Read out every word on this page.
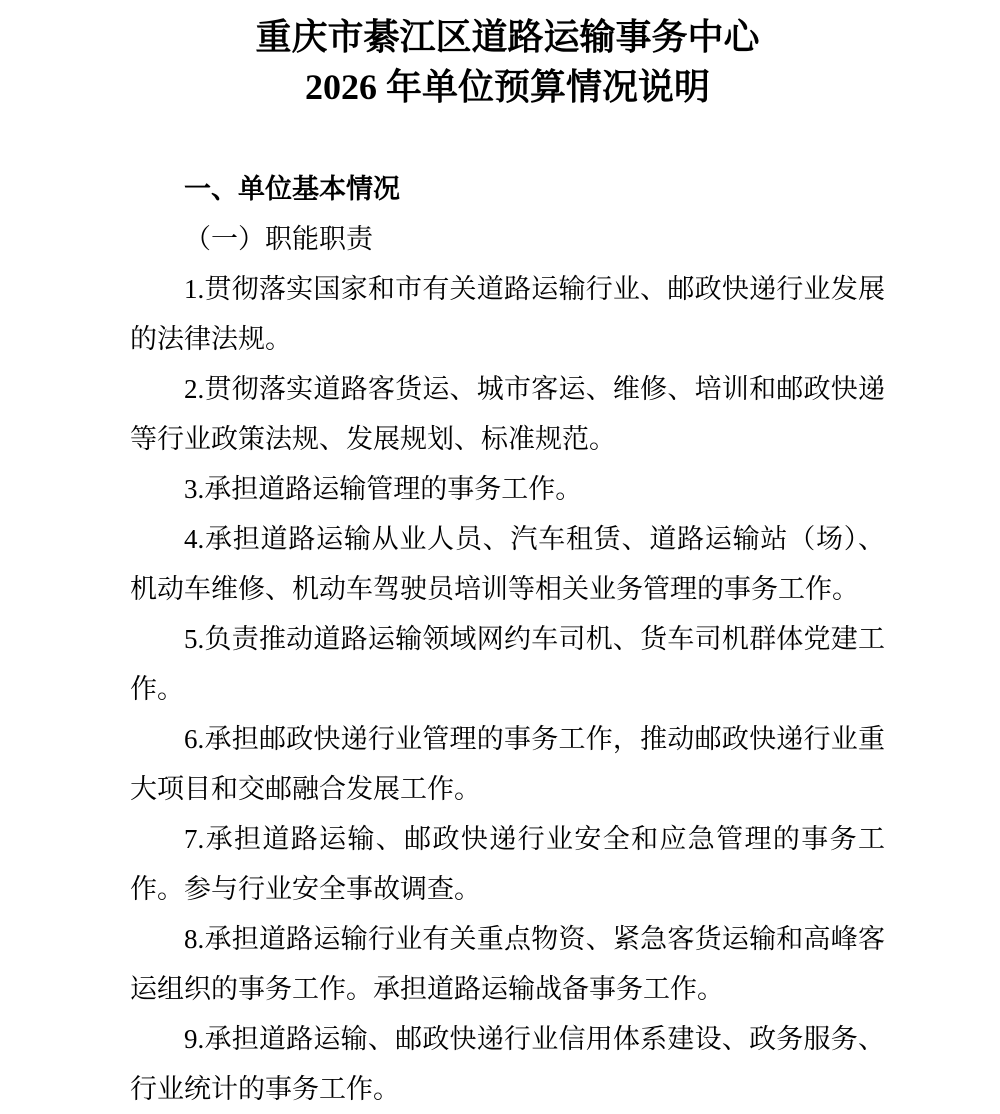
重庆市綦江区道路运输事务中心
2026 年单位预算情况说明
一、单位基本情况
（一）职能职责

1.贯彻落实国家和市有关道路运输行业、邮政快递行业发展的法律法规。

2.贯彻落实道路客货运、城市客运、维修、培训和邮政快递等行业政策法规、发展规划、标准规范。

3.承担道路运输管理的事务工作。

4.承担道路运输从业人员、汽车租赁、道路运输站（场）、机动车维修、机动车驾驶员培训等相关业务管理的事务工作。

5.负责推动道路运输领域网约车司机、货车司机群体党建工作。

6.承担邮政快递行业管理的事务工作，推动邮政快递行业重大项目和交邮融合发展工作。

7.承担道路运输、邮政快递行业安全和应急管理的事务工作。参与行业安全事故调查。

8.承担道路运输行业有关重点物资、紧急客货运输和高峰客运组织的事务工作。承担道路运输战备事务工作。

9.承担道路运输、邮政快递行业信用体系建设、政务服务、行业统计的事务工作。
